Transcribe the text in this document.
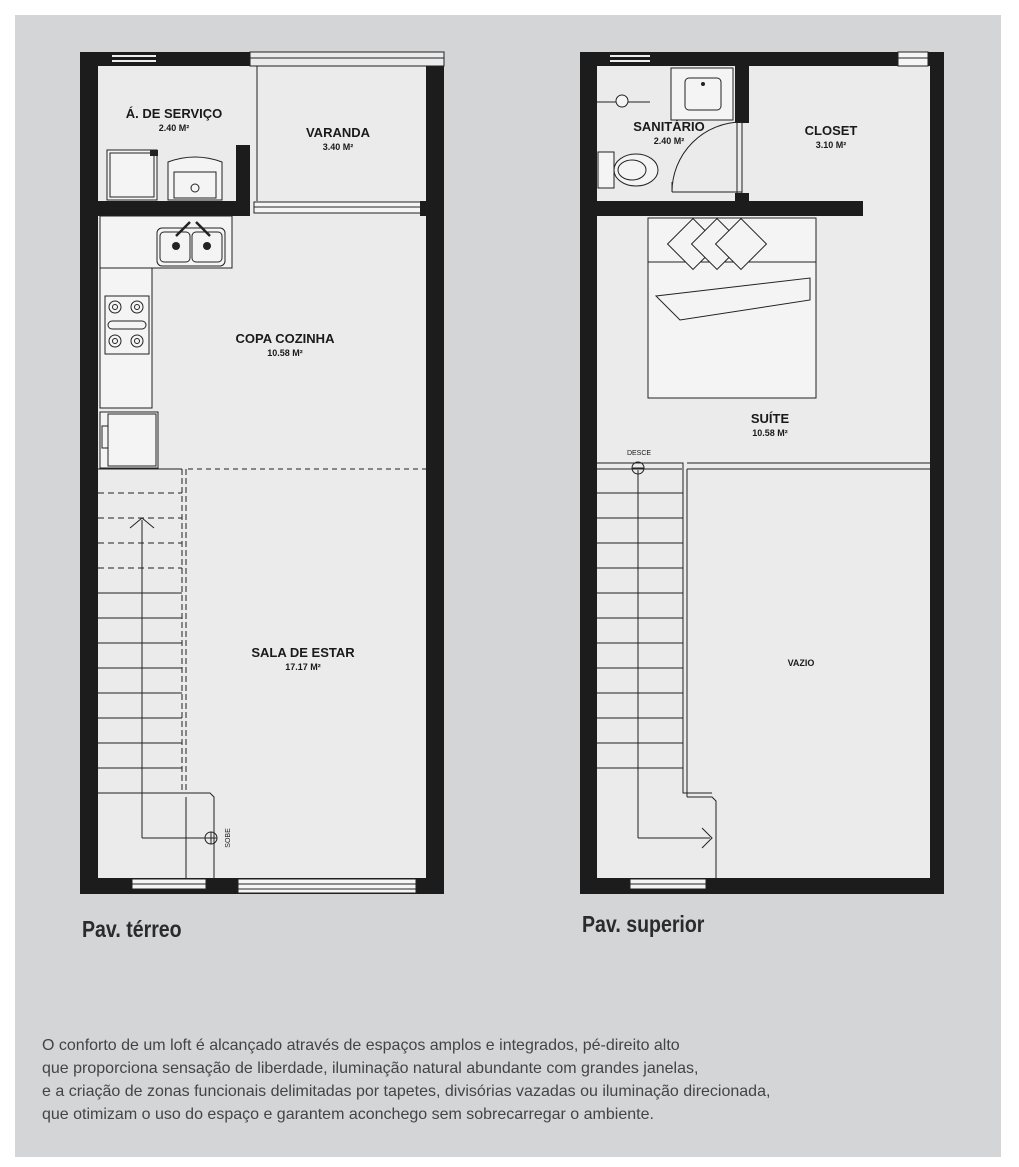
Á. DE SERVIÇO
2.40 M²	VARANDA
3.40 M²
COPA COZINHA
10.58 M²
SALA DE ESTAR
17.17 M²
SOBE
SANITÁRIO
2.40 M²
CLOSET
3.10 M²
SUÍTE
10.58 M²
VAZIO
DESCE
Pav. térreo	Pav. superior
O conforto de um loft é alcançado através de espaços amplos e integrados, pé-direito alto
que proporciona sensação de liberdade, iluminação natural abundante com grandes janelas,
e a criação de zonas funcionais delimitadas por tapetes, divisórias vazadas ou iluminação direcionada,
que otimizam o uso do espaço e garantem aconchego sem sobrecarregar o ambiente.
